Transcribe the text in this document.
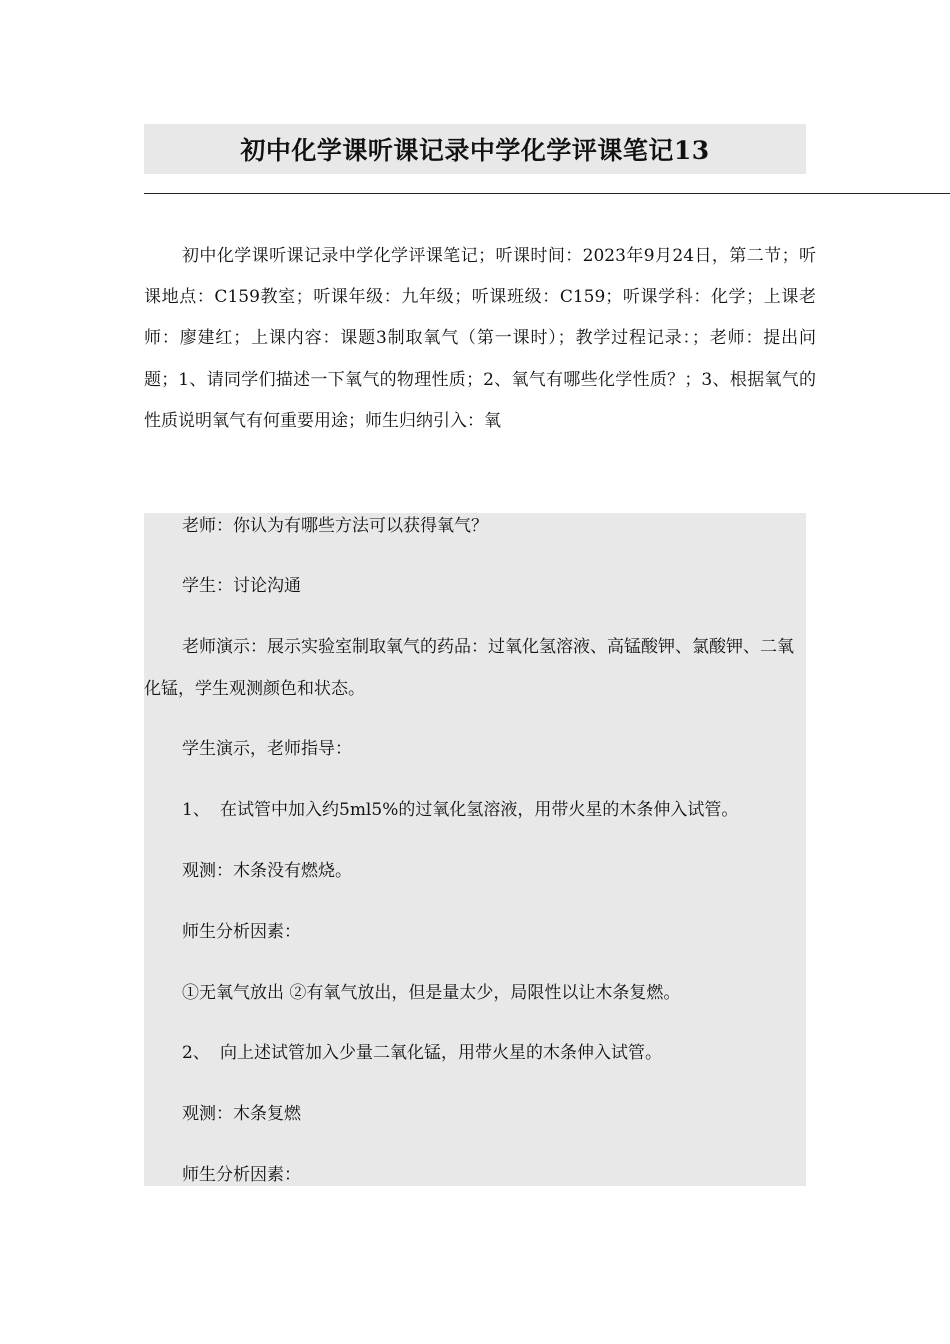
初中化学课听课记录中学化学评课笔记13

初中化学课听课记录中学化学评课笔记；听课时间：2023年9月24日，第二节；听课地点：C159教室；听课年级：九年级；听课班级：C159；听课学科：化学；上课老师：廖建红；上课内容：课题3制取氧气（第一课时）；教学过程记录：；老师：提出问题；1、请同学们描述一下氧气的物理性质；2、氧气有哪些化学性质？；3、根据氧气的性质说明氧气有何重要用途；师生归纳引入：氧

老师：你认为有哪些方法可以获得氧气？

学生：讨论沟通

老师演示：展示实验室制取氧气的药品：过氧化氢溶液、高锰酸钾、氯酸钾、二氧化锰，学生观测颜色和状态。

学生演示，老师指导：

1、 在试管中加入约5ml5%的过氧化氢溶液，用带火星的木条伸入试管。

观测：木条没有燃烧。

师生分析因素：

①无氧气放出 ②有氧气放出，但是量太少，局限性以让木条复燃。

2、 向上述试管加入少量二氧化锰，用带火星的木条伸入试管。

观测：木条复燃

师生分析因素：
